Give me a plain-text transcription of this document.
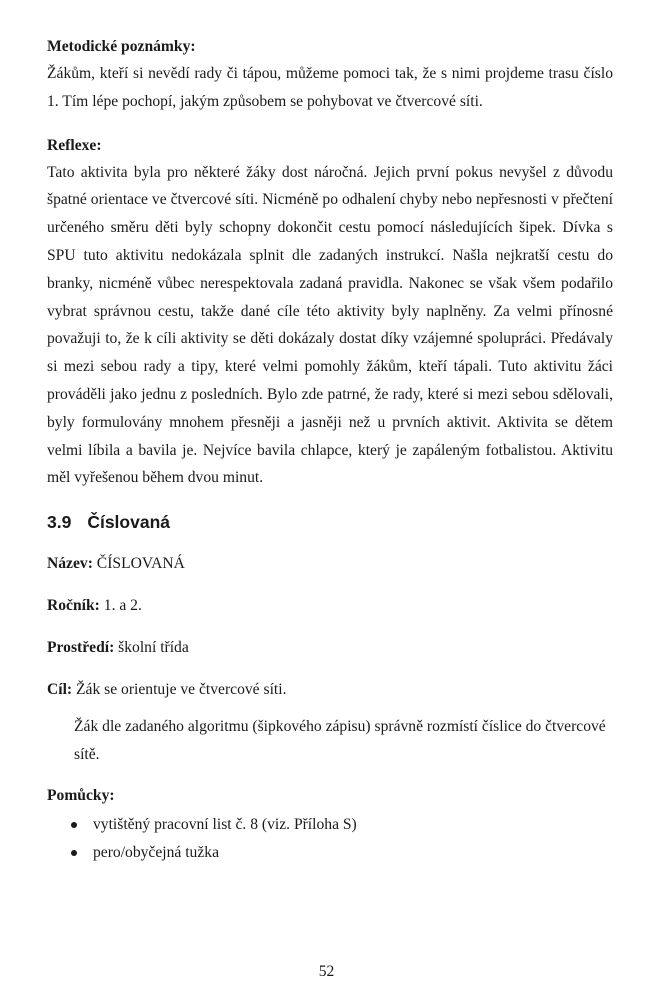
Metodické poznámky:

Žákům, kteří si nevědí rady či tápou, můžeme pomoci tak, že s nimi projdeme trasu číslo 1. Tím lépe pochopí, jakým způsobem se pohybovat ve čtvercové síti.

Reflexe:

Tato aktivita byla pro některé žáky dost náročná. Jejich první pokus nevyšel z důvodu špatné orientace ve čtvercové síti. Nicméně po odhalení chyby nebo nepřesnosti v přečtení určeného směru děti byly schopny dokončit cestu pomocí následujících šipek. Dívka s SPU tuto aktivitu nedokázala splnit dle zadaných instrukcí. Našla nejkratší cestu do branky, nicméně vůbec nerespektovala zadaná pravidla. Nakonec se však všem podařilo vybrat správnou cestu, takže dané cíle této aktivity byly naplněny. Za velmi přínosné považuji to, že k cíli aktivity se děti dokázaly dostat díky vzájemné spolupráci. Předávaly si mezi sebou rady a tipy, které velmi pomohly žákům, kteří tápali. Tuto aktivitu žáci prováděli jako jednu z posledních. Bylo zde patrné, že rady, které si mezi sebou sdělovali, byly formulovány mnohem přesněji a jasněji než u prvních aktivit. Aktivita se dětem velmi líbila a bavila je. Nejvíce bavila chlapce, který je zapáleným fotbalistou. Aktivitu měl vyřešenou během dvou minut.

3.9 Číslovaná

Název: ČÍSLOVANÁ

Ročník: 1. a 2.

Prostředí: školní třída

Cíl: Žák se orientuje ve čtvercové síti.

Žák dle zadaného algoritmu (šipkového zápisu) správně rozmístí číslice do čtvercové sítě.

Pomůcky:

vytištěný pracovní list č. 8 (viz. Příloha S)
pero/obyčejná tužka
52
